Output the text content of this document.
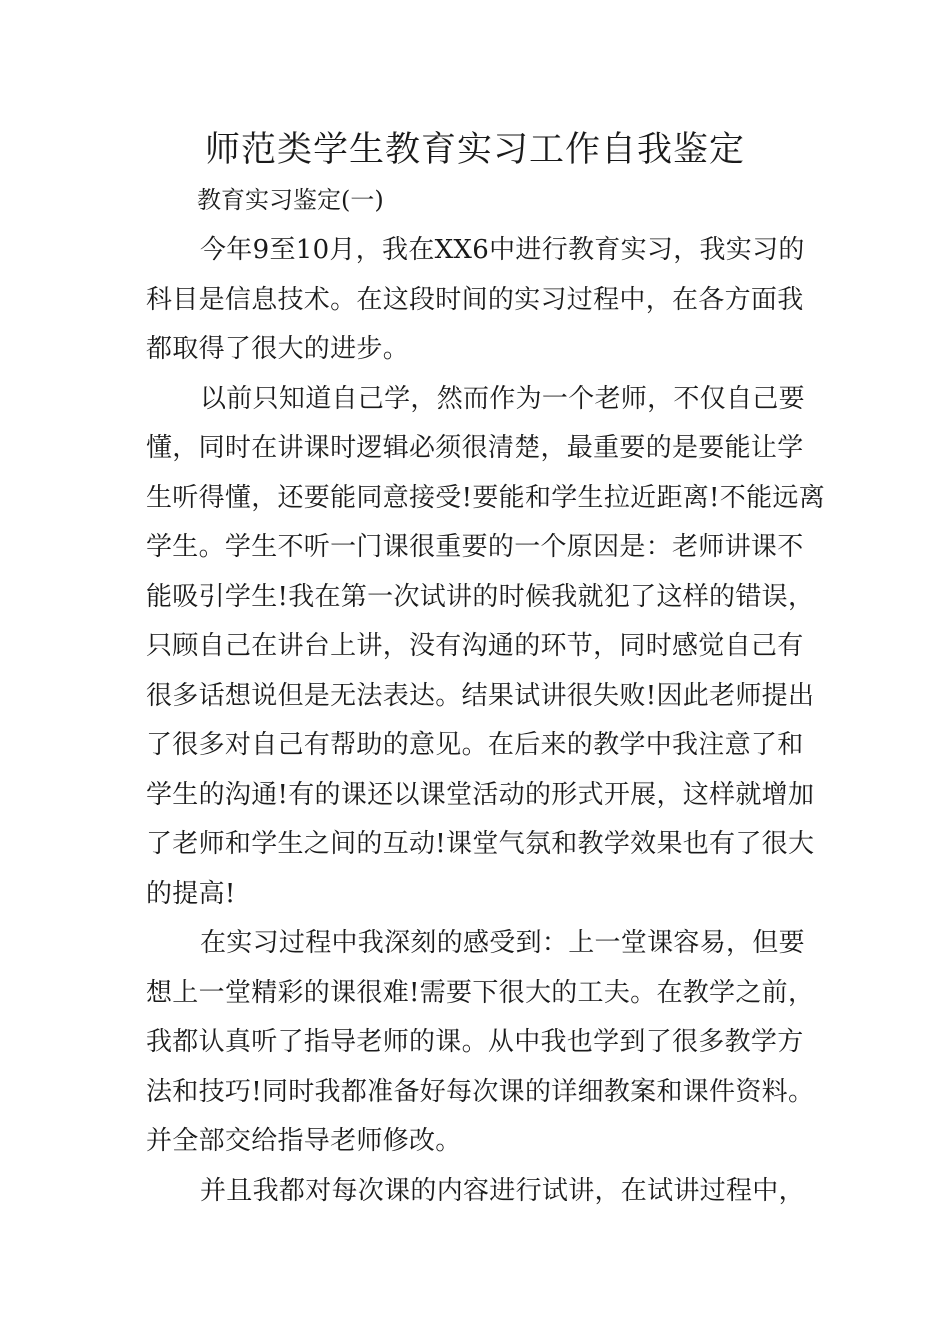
师范类学生教育实习工作自我鉴定

教育实习鉴定(一)

今年9至10月，我在XX6中进行教育实习，我实习的科目是信息技术。在这段时间的实习过程中，在各方面我都取得了很大的进步。

以前只知道自己学，然而作为一个老师，不仅自己要懂，同时在讲课时逻辑必须很清楚，最重要的是要能让学生听得懂，还要能同意接受!要能和学生拉近距离!不能远离学生。学生不听一门课很重要的一个原因是：老师讲课不能吸引学生!我在第一次试讲的时候我就犯了这样的错误，只顾自己在讲台上讲，没有沟通的环节，同时感觉自己有很多话想说但是无法表达。结果试讲很失败!因此老师提出了很多对自己有帮助的意见。在后来的教学中我注意了和学生的沟通!有的课还以课堂活动的形式开展，这样就增加了老师和学生之间的互动!课堂气氛和教学效果也有了很大的提高!

在实习过程中我深刻的感受到：上一堂课容易，但要想上一堂精彩的课很难!需要下很大的工夫。在教学之前，我都认真听了指导老师的课。从中我也学到了很多教学方法和技巧!同时我都准备好每次课的详细教案和课件资料。并全部交给指导老师修改。

并且我都对每次课的内容进行试讲，在试讲过程中，
